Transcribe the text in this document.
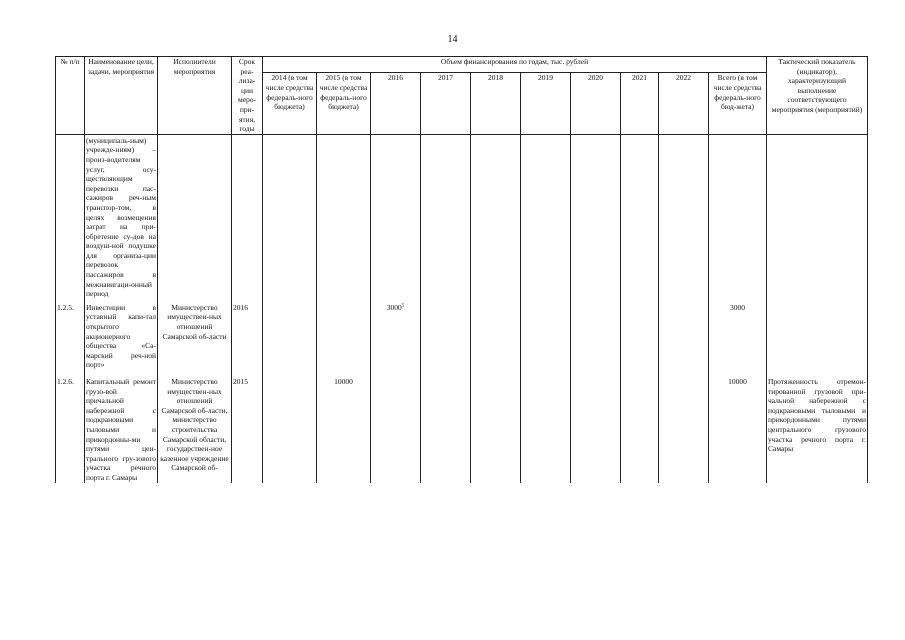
14
№ п/п	Наименование цели, задачи, мероприятия	Исполнители мероприятия	Срок реа-лиза-ции меро-при-ятия, годы	Объем финансирования по годам, тыс. рублей										Тактический показатель (индикатор), характеризующий выполнение соответствующего мероприятия (мероприятий)
				2014 (в том числе средства федераль-ного бюджета)	2015 (в том числе средства федераль-ного бюджета)	2016	2017	2018	2019	2020	2021	2022	Всего (в том числе средства федераль-ного бюд-жета)	
	(муниципаль-ным) учрежде-ниям) – произ-водителям услуг, осу-ществляющим перевозки пас-сажиров реч-ным транспор-том, в целях возмещения затрат на при-обретение су-дов на воздуш-ной подушке для организа-ции перевозок пассажиров в межнавигаци-онный период													
1.2.5.	Инвестиции в уставный капи-тал открытого акционерного общества «Са-марский реч-ной порт»	Министерство имуществен-ных отношений Самарской об-ласти	2016			3000$^5$							3000	
1.2.6.	Капитальный ремонт грузо-вой причальной набережной с подкрановыми тыловыми и прикордонны-ми путями цен-трального гру-зового участка речного порта г. Самары	Министерство имуществен-ных отношений Самарской об-ласти, министерство строительства Самарской области, государствен-ное казенное учреждение Самарской об-	2015		10000								10000	Протяженность отремон-тированной грузовой при-чальной набережной с подкрановыми тыловыми и прикордонными путями центрального грузового участка речного порта г. Самары
